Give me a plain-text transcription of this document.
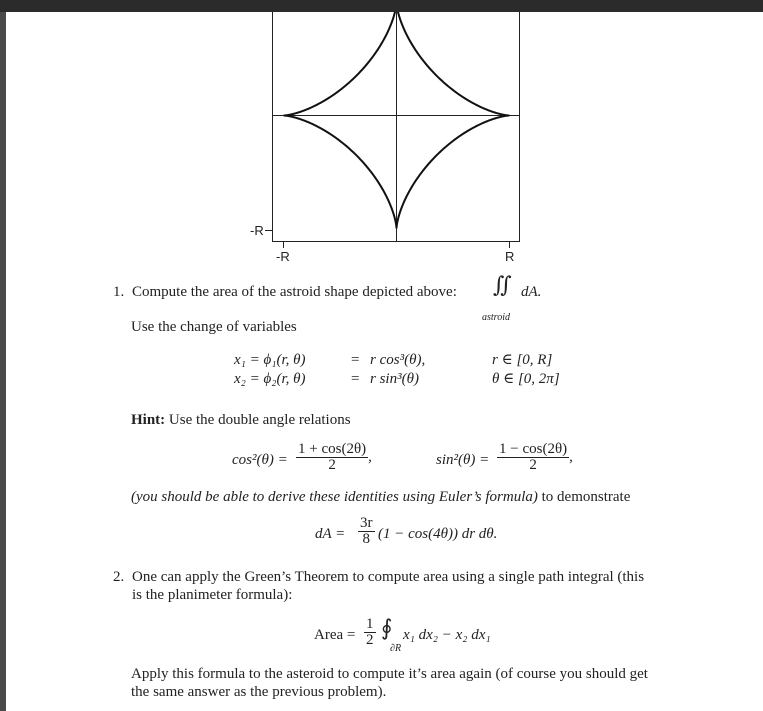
-R
-R	R
1. Compute the area of the astroid shape depicted above: ∬ dA.
astroid
Use the change of variables
x₁ = ϕ₁(r, θ)	= r cos³(θ),	r ∈ [0, R]
x₂ = ϕ₂(r, θ)	= r sin³(θ)	θ ∈ [0, 2π]
Hint: Use the double angle relations
$\cos^2(\theta) = \frac{1 + \cos(2\theta)}{2}$ ,	$\sin^2(\theta) = \frac{1 - \cos(2\theta)}{2}$ ,
(you should be able to derive these identities using Euler’s formula) to demonstrate
dA = $\frac{3r}{8} (1 - \cos(4\theta))$ dr dθ.
2. One can apply the Green’s Theorem to compute area using a single path integral (this
is the planimeter formula):
Area = $\frac{1}{2}$ ∮
∂R
x₁ dx₂ − x₂ dx₁
Apply this formula to the asteroid to compute it’s area again (of course you should get
the same answer as the previous problem).
